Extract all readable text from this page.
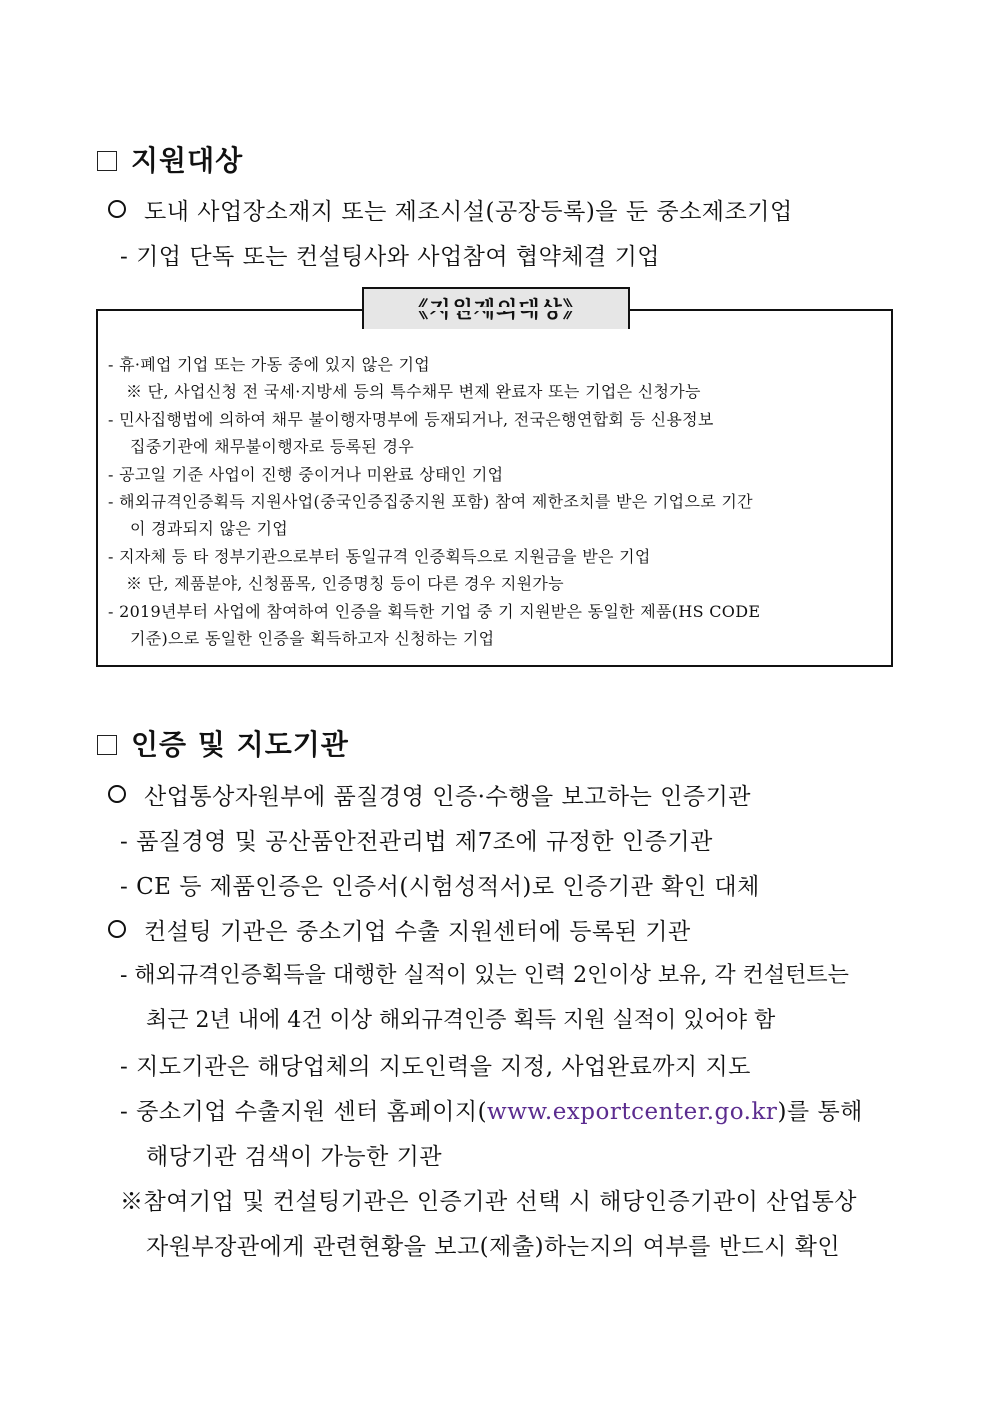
지원대상
도내 사업장소재지 또는 제조시설(공장등록)을 둔 중소제조기업
- 기업 단독 또는 컨설팅사와 사업참여 협약체결 기업
- 휴·폐업 기업 또는 가동 중에 있지 않은 기업
※ 단, 사업신청 전 국세·지방세 등의 특수채무 변제 완료자 또는 기업은 신청가능
- 민사집행법에 의하여 채무 불이행자명부에 등재되거나, 전국은행연합회 등 신용정보
집중기관에 채무불이행자로 등록된 경우
- 공고일 기준 사업이 진행 중이거나 미완료 상태인 기업
- 해외규격인증획득 지원사업(중국인증집중지원 포함) 참여 제한조치를 받은 기업으로 기간
이 경과되지 않은 기업
- 지자체 등 타 정부기관으로부터 동일규격 인증획득으로 지원금을 받은 기업
※ 단, 제품분야, 신청품목, 인증명칭 등이 다른 경우 지원가능
- 2019년부터 사업에 참여하여 인증을 획득한 기업 중 기 지원받은 동일한 제품(HS CODE
기준)으로 동일한 인증을 획득하고자 신청하는 기업
인증 및 지도기관
산업통상자원부에 품질경영 인증·수행을 보고하는 인증기관
- 품질경영 및 공산품안전관리법 제7조에 규정한 인증기관
- CE 등 제품인증은 인증서(시험성적서)로 인증기관 확인 대체
컨설팅 기관은 중소기업 수출 지원센터에 등록된 기관
- 해외규격인증획득을 대행한 실적이 있는 인력 2인이상 보유, 각 컨설턴트는
최근 2년 내에 4건 이상 해외규격인증 획득 지원 실적이 있어야 함
- 지도기관은 해당업체의 지도인력을 지정, 사업완료까지 지도
- 중소기업 수출지원 센터 홈페이지(www.exportcenter.go.kr)를 통해
해당기관 검색이 가능한 기관
※참여기업 및 컨설팅기관은 인증기관 선택 시 해당인증기관이 산업통상
자원부장관에게 관련현황을 보고(제출)하는지의 여부를 반드시 확인
